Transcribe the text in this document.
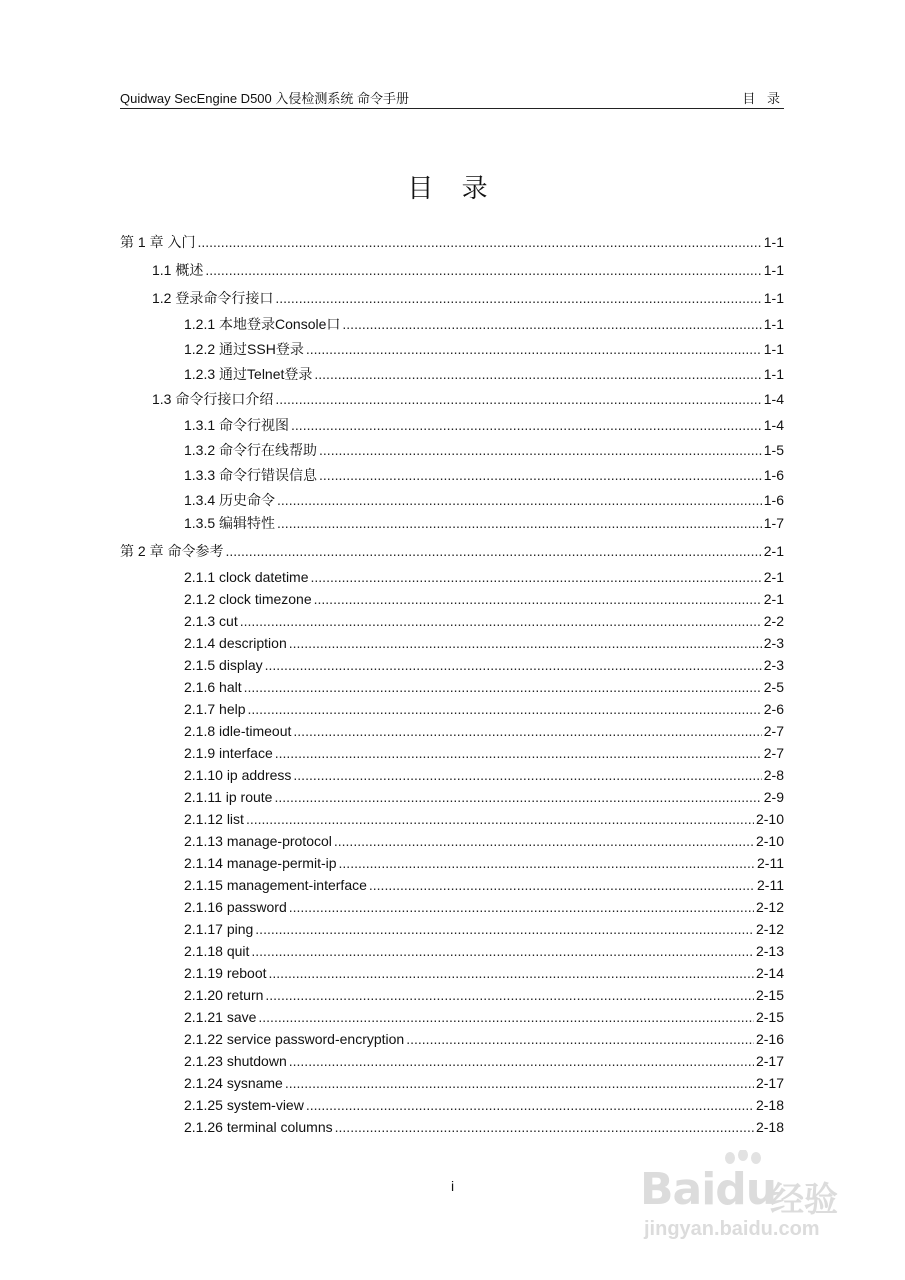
Quidway SecEngine D500 入侵检测系统 命令手册	目 录
目 录
第 1 章 入门 .....	1-1
1.1 概述 .....	1-1
1.2 登录命令行接口 .....	1-1
1.2.1 本地登录Console口 .....	1-1
1.2.2 通过SSH登录 .....	1-1
1.2.3 通过Telnet登录 .....	1-1
1.3 命令行接口介绍 .....	1-4
1.3.1 命令行视图 .....	1-4
1.3.2 命令行在线帮助 .....	1-5
1.3.3 命令行错误信息 .....	1-6
1.3.4 历史命令 .....	1-6
1.3.5 编辑特性 .....	1-7
第 2 章 命令参考 .....	2-1
2.1.1 clock datetime .....	2-1
2.1.2 clock timezone .....	2-1
2.1.3 cut .....	2-2
2.1.4 description .....	2-3
2.1.5 display .....	2-3
2.1.6 halt .....	2-5
2.1.7 help .....	2-6
2.1.8 idle-timeout .....	2-7
2.1.9 interface .....	2-7
2.1.10 ip address .....	2-8
2.1.11 ip route .....	2-9
2.1.12 list .....	2-10
2.1.13 manage-protocol .....	2-10
2.1.14 manage-permit-ip .....	2-11
2.1.15 management-interface .....	2-11
2.1.16 password .....	2-12
2.1.17 ping .....	2-12
2.1.18 quit .....	2-13
2.1.19 reboot .....	2-14
2.1.20 return .....	2-15
2.1.21 save .....	2-15
2.1.22 service password-encryption .....	2-16
2.1.23 shutdown .....	2-17
2.1.24 sysname .....	2-17
2.1.25 system-view .....	2-18
2.1.26 terminal columns .....	2-18
i	Baidu
经验
jingyan.baidu.com
